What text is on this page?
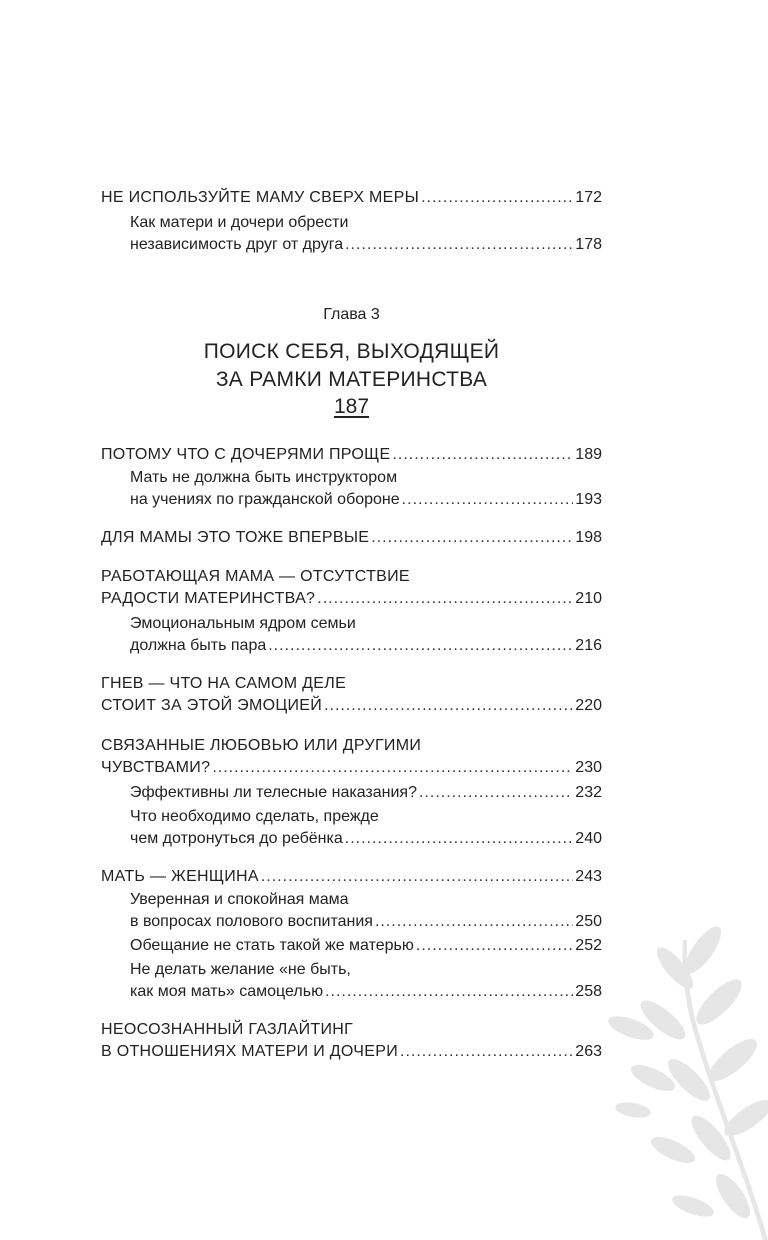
НЕ ИСПОЛЬЗУЙТЕ МАМУ СВЕРХ МЕРЫ .....	172
Как матери и дочери обрести
независимость друг от друга .....	178
ПОТОМУ ЧТО С ДОЧЕРЯМИ ПРОЩЕ .....	189
Мать не должна быть инструктором
на учениях по гражданской обороне .....	193
ДЛЯ МАМЫ ЭТО ТОЖЕ ВПЕРВЫЕ .....	198
РАБОТАЮЩАЯ МАМА — ОТСУТСТВИЕ
РАДОСТИ МАТЕРИНСТВА? .....	210
Эмоциональным ядром семьи
должна быть пара .....	216
ГНЕВ — ЧТО НА САМОМ ДЕЛЕ
СТОИТ ЗА ЭТОЙ ЭМОЦИЕЙ .....	220
СВЯЗАННЫЕ ЛЮБОВЬЮ ИЛИ ДРУГИМИ
ЧУВСТВАМИ? .....	230
Эффективны ли телесные наказания? .....	232
Что необходимо сделать, прежде
чем дотронуться до ребёнка .....	240
МАТЬ — ЖЕНЩИНА .....	243
Уверенная и спокойная мама
в вопросах полового воспитания .....	250
Обещание не стать такой же матерью .....	252
Не делать желание «не быть,
как моя мать» самоцелью .....	258
НЕОСОЗНАННЫЙ ГАЗЛАЙТИНГ
В ОТНОШЕНИЯХ МАТЕРИ И ДОЧЕРИ .....	263
Глава 3
ПОИСК СЕБЯ, ВЫХОДЯЩЕЙ
ЗА РАМКИ МАТЕРИНСТВА
187
